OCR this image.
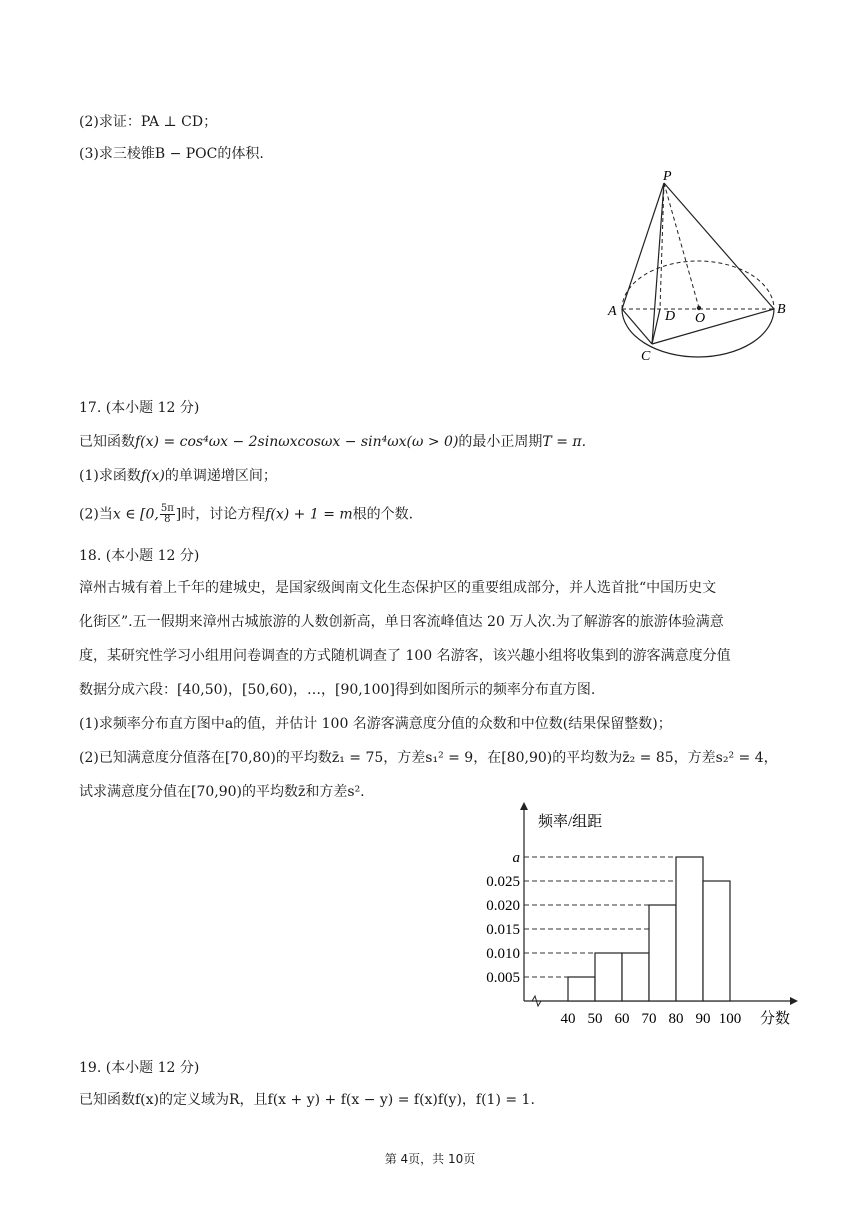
(2)求证：PA ⊥ CD；
(3)求三棱锥B − POC的体积.
P
A	B
C
D O
17. (本小题 12 分)
已知函数f(x) = cos⁴ωx − 2sinωxcosωx − sin⁴ωx(ω > 0)的最小正周期T = π.
(1)求函数f(x)的单调递增区间；
(2)当x ∈ [0, $\frac{5\pi}{8}$ ]时，讨论方程f(x) + 1 = m根的个数.
18. (本小题 12 分)
漳州古城有着上千年的建城史，是国家级闽南文化生态保护区的重要组成部分，并人选首批“中国历史文
化街区”.五一假期来漳州古城旅游的人数创新高，单日客流峰值达 20 万人次.为了解游客的旅游体验满意
度，某研究性学习小组用问卷调查的方式随机调查了 100 名游客，该兴趣小组将收集到的游客满意度分值
数据分成六段：[40,50)，[50,60)，…，[90,100]得到如图所示的频率分布直方图.
(1)求频率分布直方图中a的值，并估计 100 名游客满意度分值的众数和中位数(结果保留整数)；
(2)已知满意度分值落在[70,80)的平均数z̄₁ = 75，方差s₁² = 9，在[80,90)的平均数为z̄₂ = 85，方差s₂² = 4，
试求满意度分值在[70,90)的平均数z̄和方差s².
0.005
0.010
0.015
0.020
0.025
a
40 50 60 70 80 90 100
频率/组距
分数
19. (本小题 12 分)
已知函数f(x)的定义域为R，且f(x + y) + f(x − y) = f(x)f(y)，f(1) = 1.
第 4页，共 10页
